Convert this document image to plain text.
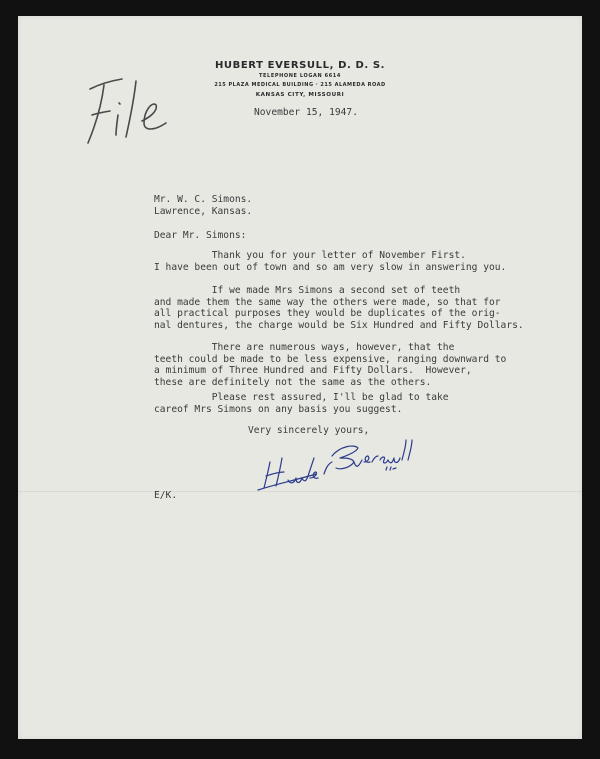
HUBERT EVERSULL, D. D. S.
TELEPHONE LOGAN 6614
215 PLAZA MEDICAL BUILDING · 215 ALAMEDA ROAD
KANSAS CITY, MISSOURI
November 15, 1947.
Mr. W. C. Simons.
Lawrence, Kansas.
Dear Mr. Simons:
Thank you for your letter of November First.
I have been out of town and so am very slow in answering you.
If we made Mrs Simons a second set of teeth
and made them the same way the others were made, so that for
all practical purposes they would be duplicates of the orig-
nal dentures, the charge would be Six Hundred and Fifty Dollars.
There are numerous ways, however, that the
teeth could be made to be less expensive, ranging downward to
a minimum of Three Hundred and Fifty Dollars.  However,
these are definitely not the same as the others.
Please rest assured, I'll be glad to take
careof Mrs Simons on any basis you suggest.
Very sincerely yours,
E/K.
